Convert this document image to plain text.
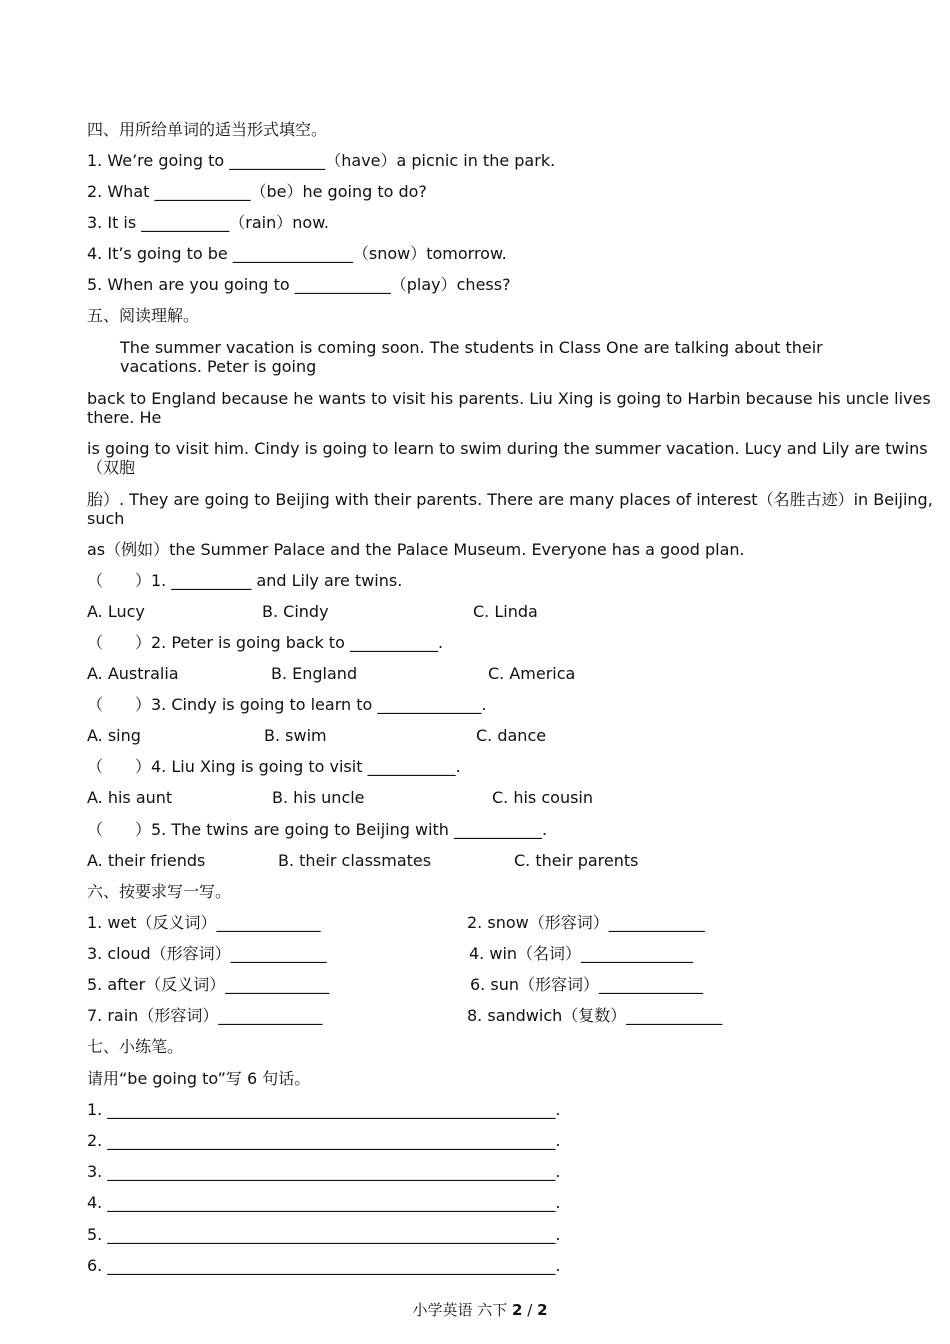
四、用所给单词的适当形式填空。
1. We’re going to ____________（have）a picnic in the park.
2. What ____________（be）he going to do?
3. It is ___________（rain）now.
4. It’s going to be _______________（snow）tomorrow.
5. When are you going to ____________（play）chess?
五、阅读理解。
The summer vacation is coming soon. The students in Class One are talking about their vacations. Peter is going
back to England because he wants to visit his parents. Liu Xing is going to Harbin because his uncle lives there. He
is going to visit him. Cindy is going to learn to swim during the summer vacation. Lucy and Lily are twins（双胞
胎）. They are going to Beijing with their parents. There are many places of interest（名胜古迹）in Beijing, such
as（例如）the Summer Palace and the Palace Museum. Everyone has a good plan.
（　　）1. __________ and Lily are twins.
A. Lucy	B. Cindy	C. Linda
（　　）2. Peter is going back to ___________.
A. Australia	B. England	C. America
（　　）3. Cindy is going to learn to _____________.
A. sing	B. swim	C. dance
（　　）4. Liu Xing is going to visit ___________.
A. his aunt	B. his uncle	C. his cousin
（　　）5. The twins are going to Beijing with ___________.
A. their friends	B. their classmates	C. their parents
六、按要求写一写。
1. wet（反义词）_____________	2. snow（形容词）____________
3. cloud（形容词）____________	4. win（名词）______________
5. after（反义词）_____________	6. sun（形容词）_____________
7. rain（形容词）_____________	8. sandwich（复数）____________
七、小练笔。
请用“be going to”写 6 句话。
1. ________________________________________________________.
2. ________________________________________________________.
3. ________________________________________________________.
4. ________________________________________________________.
5. ________________________________________________________.
6. ________________________________________________________.
小学英语 六下 2 / 2
